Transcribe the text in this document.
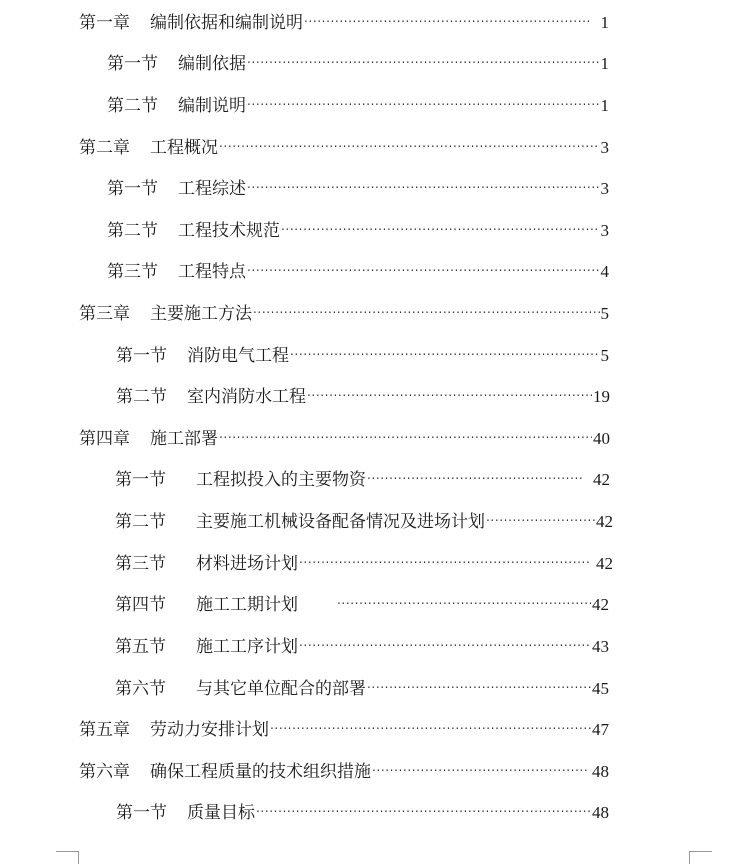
第一章 编制依据和编制说明 .....	1
第一节 编制依据 .....	1
第二节 编制说明 .....	1
第二章 工程概况 .....	3
第一节 工程综述 .....	3
第二节 工程技术规范 .....	3
第三节 工程特点 .....	4
第三章 主要施工方法 .....	5
第一节 消防电气工程 .....	5
第二节 室内消防水工程 .....	19
第四章 施工部署 .....	40
第一节 工程拟投入的主要物资 .....	42
第二节 主要施工机械设备配备情况及进场计划 .....	42
第三节 材料进场计划 .....	42
第四节 施工工期计划 .....	42
第五节 施工工序计划 .....	43
第六节 与其它单位配合的部署 .....	45
第五章 劳动力安排计划 .....	47
第六章 确保工程质量的技术组织措施 .....	48
第一节 质量目标 .....	48
